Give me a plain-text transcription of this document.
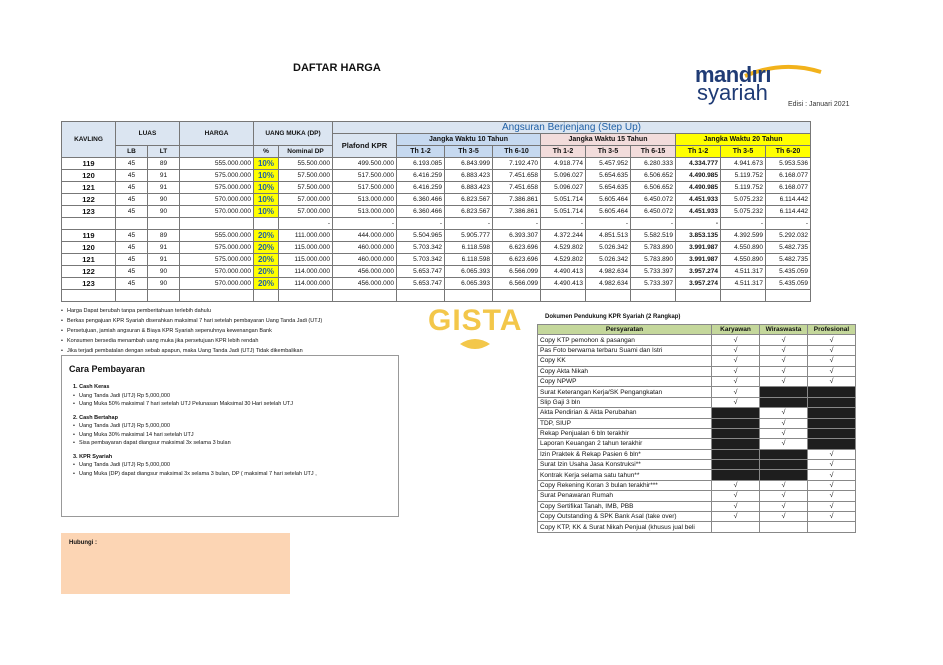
DAFTAR HARGA	mandırı
syariah	Edisi : Januari 2021
KAVLING	LUAS		HARGA	UANG MUKA (DP)		Angsuran Berjenjang (Step Up)									
						Plafond KPR	Jangka Waktu 10 Tahun			Jangka Waktu 15 Tahun			Jangka Waktu 20 Tahun		
	LB	LT		%	Nominal DP		Th 1-2	Th 3-5	Th 6-10	Th 1-2	Th 3-5	Th 6-15	Th 1-2	Th 3-5	Th 6-20
119	45	89	555.000.000	10%	55.500.000	499.500.000	6.193.085	6.843.999	7.192.470	4.918.774	5.457.952	6.280.333	4.334.777	4.941.673	5.953.536
120	45	91	575.000.000	10%	57.500.000	517.500.000	6.416.259	6.883.423	7.451.658	5.096.027	5.654.635	6.506.652	4.490.985	5.119.752	6.168.077
121	45	91	575.000.000	10%	57.500.000	517.500.000	6.416.259	6.883.423	7.451.658	5.096.027	5.654.635	6.506.652	4.490.985	5.119.752	6.168.077
122	45	90	570.000.000	10%	57.000.000	513.000.000	6.360.466	6.823.567	7.386.861	5.051.714	5.605.464	6.450.072	4.451.933	5.075.232	6.114.442
123	45	90	570.000.000	10%	57.000.000	513.000.000	6.360.466	6.823.567	7.386.861	5.051.714	5.605.464	6.450.072	4.451.933	5.075.232	6.114.442
					-	-	-	-	-	-	-	-	-	-	-
119	45	89	555.000.000	20%	111.000.000	444.000.000	5.504.965	5.905.777	6.393.307	4.372.244	4.851.513	5.582.519	3.853.135	4.392.599	5.292.032
120	45	91	575.000.000	20%	115.000.000	460.000.000	5.703.342	6.118.598	6.623.696	4.529.802	5.026.342	5.783.890	3.991.987	4.550.890	5.482.735
121	45	91	575.000.000	20%	115.000.000	460.000.000	5.703.342	6.118.598	6.623.696	4.529.802	5.026.342	5.783.890	3.991.987	4.550.890	5.482.735
122	45	90	570.000.000	20%	114.000.000	456.000.000	5.653.747	6.065.393	6.566.099	4.490.413	4.982.634	5.733.397	3.957.274	4.511.317	5.435.059
123	45	90	570.000.000	20%	114.000.000	456.000.000	5.653.747	6.065.393	6.566.099	4.490.413	4.982.634	5.733.397	3.957.274	4.511.317	5.435.059

• Harga Dapat berubah tanpa pemberitahuan terlebih dahulu
• Berkas pengajuan KPR Syariah diserahkan maksimal 7 hari setelah pembayaran Uang Tanda Jadi (UTJ)
• Persetujuan, jamiah angsuran & Biaya KPR Syariah sepenuhnya kewenangan Bank
• Konsumen bersedia menambah uang muka jika persetujuan KPR lebih rendah
• Jika terjadi pembatalan dengan sebab apapun, maka Uang Tanda Jadi (UTJ) Tidak dikembalikan
Cara Pembayaran
1. Cash Keras
• Uang Tanda Jadi (UTJ) Rp 5,000,000
• Uang Muka 50% maksimal 7 hari setelah UTJ Pelunasan Maksimal 30 Hari setelah UTJ
2. Cash Bertahap
• Uang Tanda Jadi (UTJ) Rp 5,000,000
• Uang Muka 30% maksimal 14 hari setelah UTJ
• Sisa pembayaran dapat diangsur maksimal 3x selama 3 bulan
3. KPR Syariah
• Uang Tanda Jadi (UTJ) Rp 5,000,000
• Uang Muka (DP) dapat diangsur maksimal 3x selama 3 bulan, DP ( maksimal 7 hari setelah UTJ ,
Hubungi :
GISTA	Dokumen Pendukung KPR Syariah (2 Rangkap)
Persyaratan	Karyawan	Wiraswasta	Profesional
Copy KTP pemohon & pasangan	√	√	√
Pas Foto berwarna terbaru Suami dan Istri	√	√	√
Copy KK	√	√	√
Copy Akta Nikah	√	√	√
Copy NPWP	√	√	√
Surat Keterangan Kerja/SK Pengangkatan	√		
Slip Gaji 3 bln	√		
Akta Pendirian & Akta Perubahan		√	
TDP, SIUP		√	
Rekap Penjualan 6 bln terakhir		√	
Laporan Keuangan 2 tahun terakhir		√	
Izin Praktek & Rekap Pasien 6 bln*			√
Surat Izin Usaha Jasa Konstruksi**			√
Kontrak Kerja selama satu tahun**			√
Copy Rekening Koran 3 bulan terakhir***	√	√	√
Surat Penawaran Rumah	√	√	√
Copy Sertifikat Tanah, IMB, PBB	√	√	√
Copy Outstanding & SPK Bank Asal (take over)	√	√	√
Copy KTP, KK & Surat Nikah Penjual (khusus jual beli			
